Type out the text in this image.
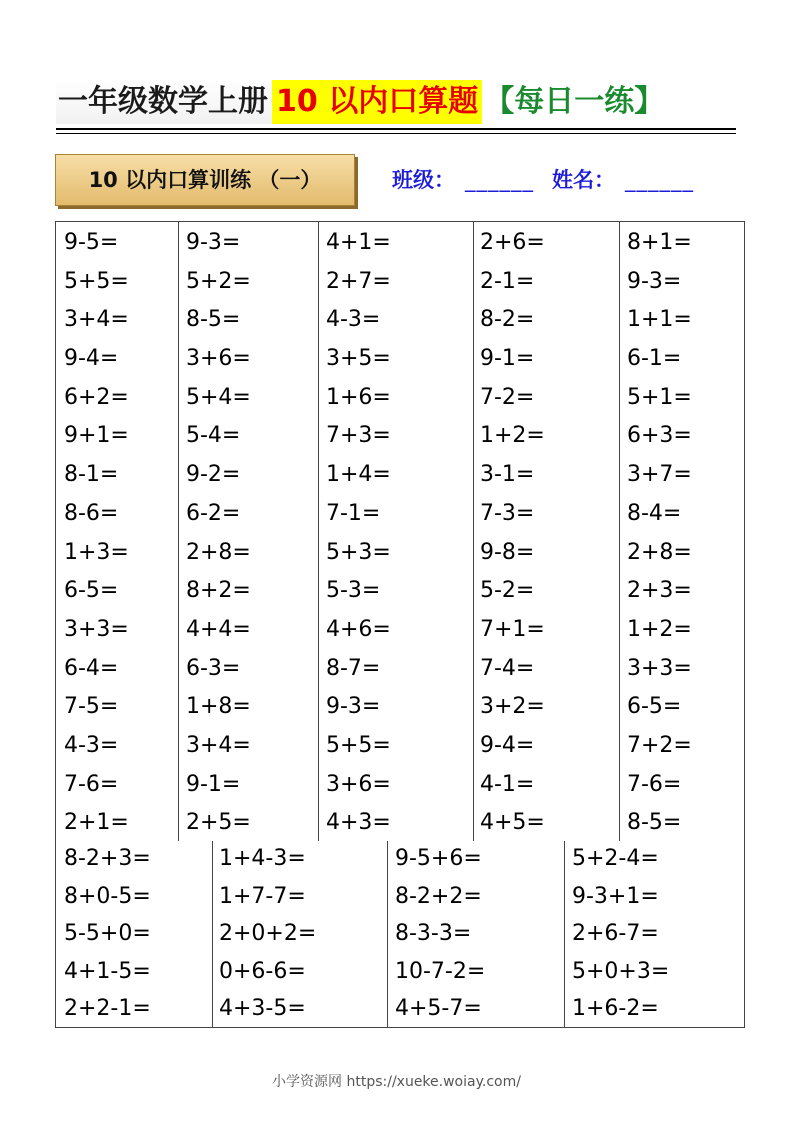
一年级数学上册 10 以内口算题 【每日一练】
10 以内口算训练 （一）	班级： ______ 姓名： ______
9-5=
5+5=
3+4=
9-4=
6+2=
9+1=
8-1=
8-6=
1+3=
6-5=
3+3=
6-4=
7-5=
4-3=
7-6=
2+1=
9-3=
5+2=
8-5=
3+6=
5+4=
5-4=
9-2=
6-2=
2+8=
8+2=
4+4=
6-3=
1+8=
3+4=
9-1=
2+5=
4+1=
2+7=
4-3=
3+5=
1+6=
7+3=
1+4=
7-1=
5+3=
5-3=
4+6=
8-7=
9-3=
5+5=
3+6=
4+3=
2+6=
2-1=
8-2=
9-1=
7-2=
1+2=
3-1=
7-3=
9-8=
5-2=
7+1=
7-4=
3+2=
9-4=
4-1=
4+5=
8+1=
9-3=
1+1=
6-1=
5+1=
6+3=
3+7=
8-4=
2+8=
2+3=
1+2=
3+3=
6-5=
7+2=
7-6=
8-5=
8-2+3=
8+0-5=
5-5+0=
4+1-5=
2+2-1=
1+4-3=
1+7-7=
2+0+2=
0+6-6=
4+3-5=
9-5+6=
8-2+2=
8-3-3=
10-7-2=
4+5-7=
5+2-4=
9-3+1=
2+6-7=
5+0+3=
1+6-2=
小学资源网 https://xueke.woiay.com/
